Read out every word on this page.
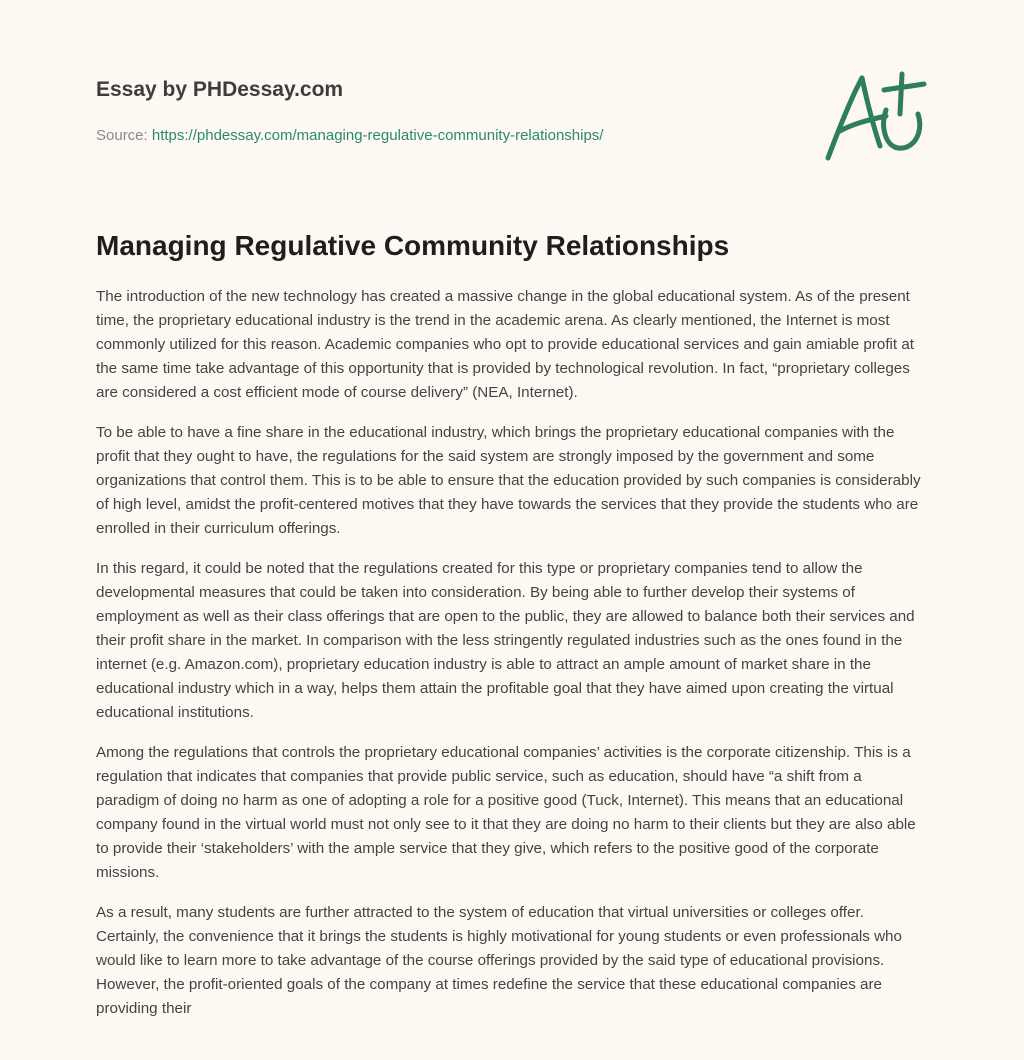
Essay by PHDessay.com
Source: https://phdessay.com/managing-regulative-community-relationships/
Managing Regulative Community Relationships

The introduction of the new technology has created a massive change in the global educational system. As of the present time, the proprietary educational industry is the trend in the academic arena. As clearly mentioned, the Internet is most commonly utilized for this reason. Academic companies who opt to provide educational services and gain amiable profit at the same time take advantage of this opportunity that is provided by technological revolution. In fact, “proprietary colleges are considered a cost efficient mode of course delivery” (NEA, Internet).

To be able to have a fine share in the educational industry, which brings the proprietary educational companies with the profit that they ought to have, the regulations for the said system are strongly imposed by the government and some organizations that control them. This is to be able to ensure that the education provided by such companies is considerably of high level, amidst the profit-centered motives that they have towards the services that they provide the students who are enrolled in their curriculum offerings.

In this regard, it could be noted that the regulations created for this type or proprietary companies tend to allow the developmental measures that could be taken into consideration. By being able to further develop their systems of employment as well as their class offerings that are open to the public, they are allowed to balance both their services and their profit share in the market. In comparison with the less stringently regulated industries such as the ones found in the internet (e.g. Amazon.com), proprietary education industry is able to attract an ample amount of market share in the educational industry which in a way, helps them attain the profitable goal that they have aimed upon creating the virtual educational institutions.

Among the regulations that controls the proprietary educational companies’ activities is the corporate citizenship. This is a regulation that indicates that companies that provide public service, such as education, should have “a shift from a paradigm of doing no harm as one of adopting a role for a positive good (Tuck, Internet). This means that an educational company found in the virtual world must not only see to it that they are doing no harm to their clients but they are also able to provide their ‘stakeholders’ with the ample service that they give, which refers to the positive good of the corporate missions.

As a result, many students are further attracted to the system of education that virtual universities or colleges offer. Certainly, the convenience that it brings the students is highly motivational for young students or even professionals who would like to learn more to take advantage of the course offerings provided by the said type of educational provisions. However, the profit-oriented goals of the company at times redefine the service that these educational companies are providing their
